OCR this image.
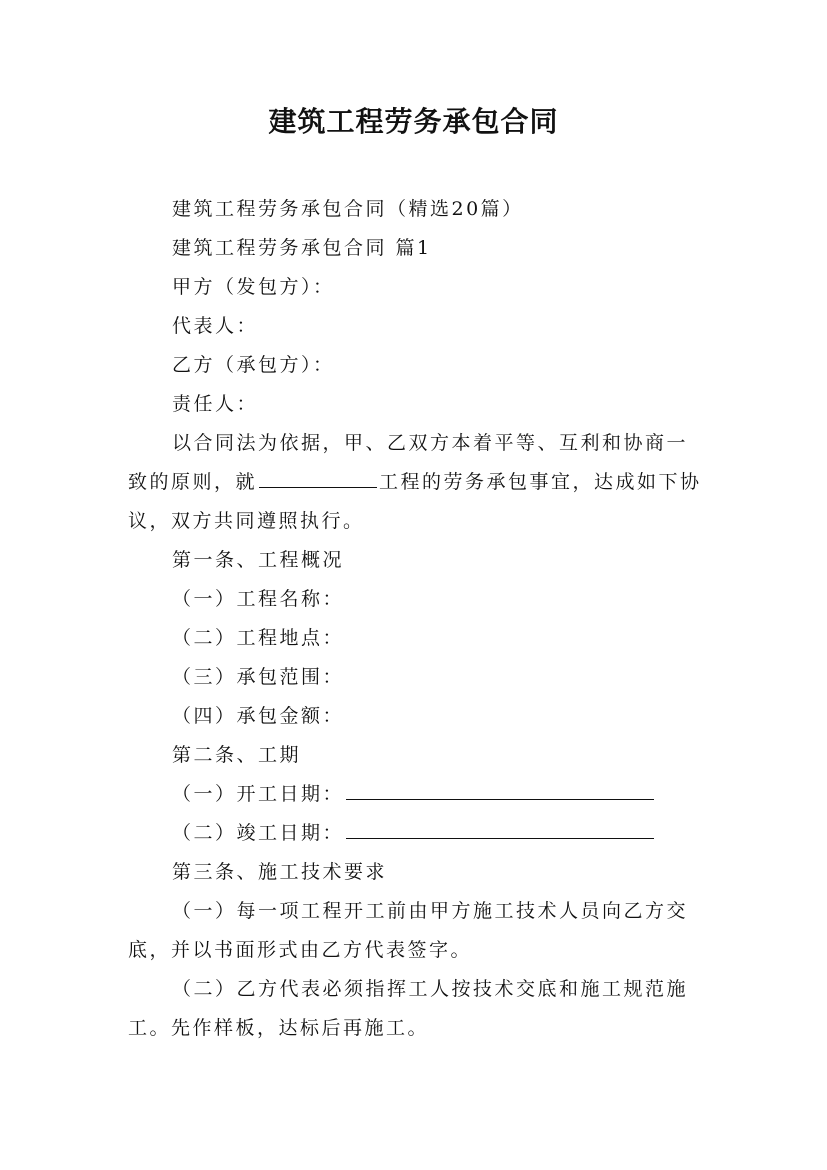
建筑工程劳务承包合同

建筑工程劳务承包合同（精选20篇）

建筑工程劳务承包合同 篇1

甲方（发包方）：

代表人：

乙方（承包方）：

责任人：

以合同法为依据，甲、乙双方本着平等、互利和协商一致的原则，就	工程的劳务承包事宜，达成如下协议，双方共同遵照执行。

第一条、工程概况

（一）工程名称：

（二）工程地点：

（三）承包范围：

（四）承包金额：

第二条、工期

（一）开工日期：

（二）竣工日期：

第三条、施工技术要求

（一）每一项工程开工前由甲方施工技术人员向乙方交底，并以书面形式由乙方代表签字。

（二）乙方代表必须指挥工人按技术交底和施工规范施工。先作样板，达标后再施工。
